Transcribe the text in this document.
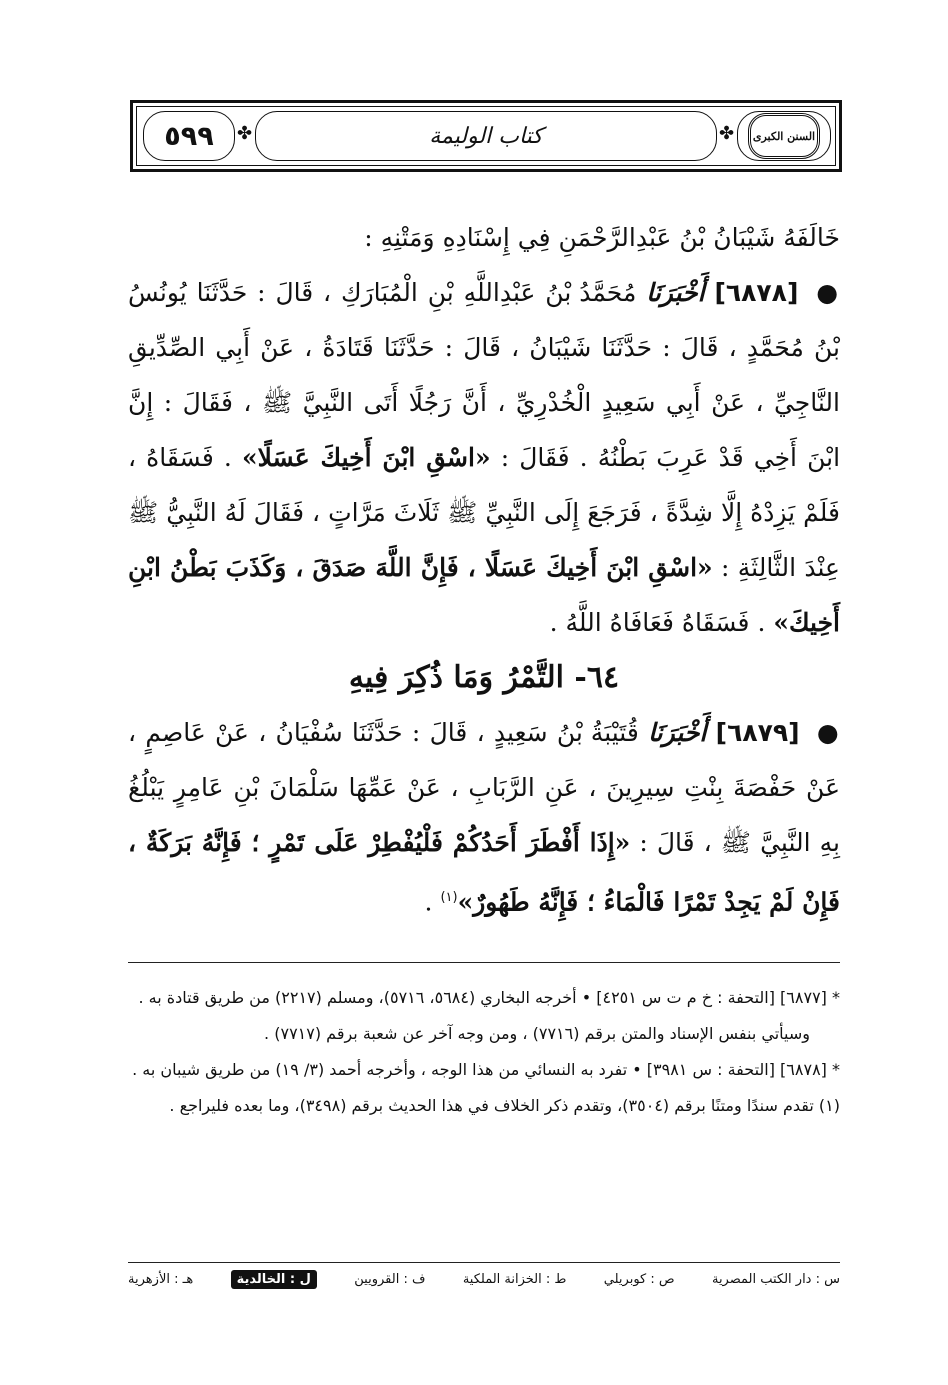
٥٩٩ ✤	كتاب الوليمة	✤ السنن الكبرى

خَالَفَهُ شَيْبَانُ بْنُ عَبْدِالرَّحْمَنِ فِي إِسْنَادِهِ وَمَتْنِهِ :

● [٦٨٧٨] أَخْبَرَنَا مُحَمَّدُ بْنُ عَبْدِاللَّهِ بْنِ الْمُبَارَكِ ، قَالَ : حَدَّثَنَا يُونُسُ بْنُ مُحَمَّدٍ ، قَالَ : حَدَّثَنَا شَيْبَانُ ، قَالَ : حَدَّثَنَا قَتَادَةُ ، عَنْ أَبِي الصِّدِّيقِ النَّاجِيِّ ، عَنْ أَبِي سَعِيدٍ الْخُدْرِيِّ ، أَنَّ رَجُلًا أَتَى النَّبِيَّ ﷺ ، فَقَالَ : إِنَّ ابْنَ أَخِي قَدْ عَرِبَ بَطْنُهُ . فَقَالَ : «اسْقِ ابْنَ أَخِيكَ عَسَلًا» . فَسَقَاهُ ، فَلَمْ يَزِدْهُ إِلَّا شِدَّةً ، فَرَجَعَ إِلَى النَّبِيِّ ﷺ ثَلَاثَ مَرَّاتٍ ، فَقَالَ لَهُ النَّبِيُّ ﷺ عِنْدَ الثَّالِثَةِ : «اسْقِ ابْنَ أَخِيكَ عَسَلًا ، فَإِنَّ اللَّهَ صَدَقَ ، وَكَذَبَ بَطْنُ ابْنِ أَخِيكَ» . فَسَقَاهُ فَعَافَاهُ اللَّهُ .

٦٤- التَّمْرُ وَمَا ذُكِرَ فِيهِ

● [٦٨٧٩] أَخْبَرَنَا قُتَيْبَةُ بْنُ سَعِيدٍ ، قَالَ : حَدَّثَنَا سُفْيَانُ ، عَنْ عَاصِمٍ ، عَنْ حَفْصَةَ بِنْتِ سِيرِينَ ، عَنِ الرَّبَابِ ، عَنْ عَمِّهَا سَلْمَانَ بْنِ عَامِرٍ يَبْلُغُ بِهِ النَّبِيَّ ﷺ ، قَالَ : «إِذَا أَفْطَرَ أَحَدُكُمْ فَلْيُفْطِرْ عَلَى تَمْرٍ ؛ فَإِنَّهُ بَرَكَةٌ ، فَإِنْ لَمْ يَجِدْ تَمْرًا فَالْمَاءُ ؛ فَإِنَّهُ طَهُورٌ»$^{(١)}$ .

* [٦٨٧٧] [التحفة : خ م ت س ٤٢٥١] • أخرجه البخاري (٥٦٨٤، ٥٧١٦)، ومسلم (٢٢١٧) من طريق قتادة به .

وسيأتي بنفس الإسناد والمتن برقم (٧٧١٦) ، ومن وجه آخر عن شعبة برقم (٧٧١٧) .

* [٦٨٧٨] [التحفة : س ٣٩٨١] • تفرد به النسائي من هذا الوجه ، وأخرجه أحمد (٣/ ١٩) من طريق شيبان به .

(١) تقدم سندًا ومتنًا برقم (٣٥٠٤)، وتقدم ذكر الخلاف في هذا الحديث برقم (٣٤٩٨)، وما بعده فليراجع .

س : دار الكتب المصرية
ص : كوبريلي
ط : الخزانة الملكية
ف : القرويين
ل : الخالدية
هـ : الأزهرية
